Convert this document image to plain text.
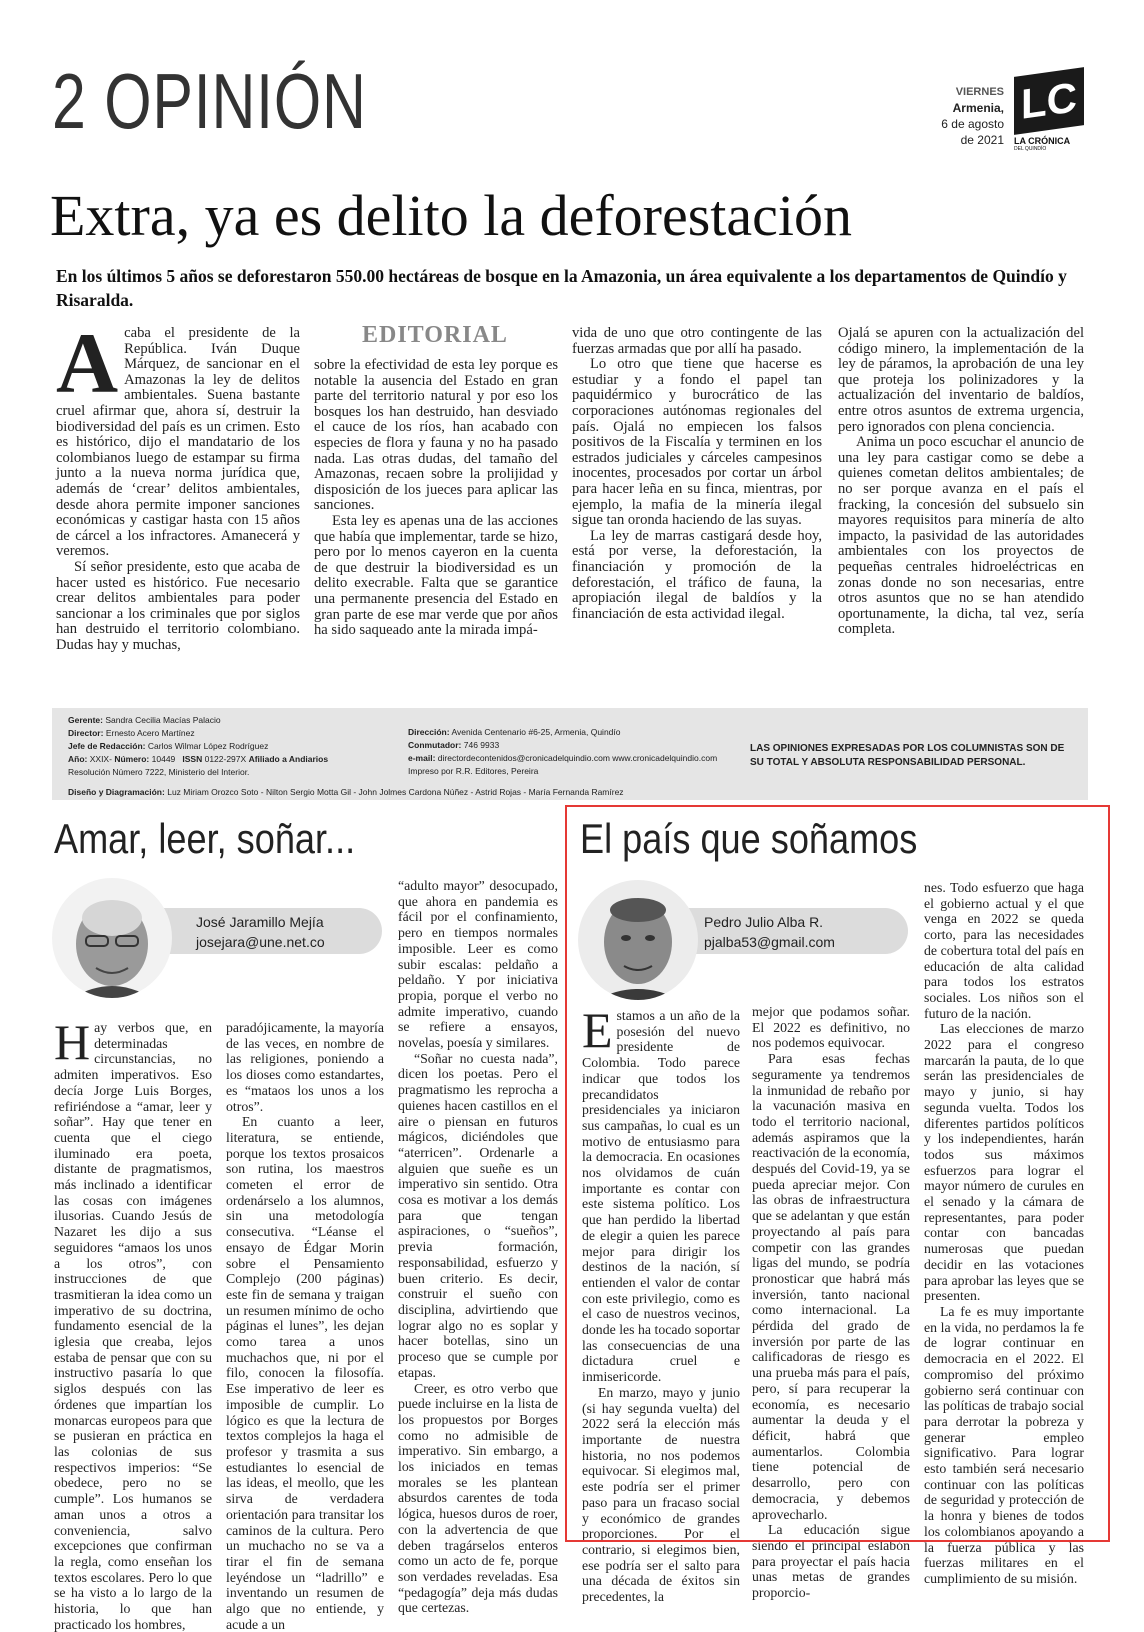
2 OPINIÓN	VIERNES
Armenia,
6 de agosto
de 2021
LC
LA CRÓNICA
DEL QUINDÍO
Extra, ya es delito la deforestación
En los últimos 5 años se deforestaron 550.00 hectáreas de bosque en la Amazonia, un área equivalente a los departamentos de Quindío y Risaralda.
EDITORIAL

Acaba el presidente de la República. Iván Duque Márquez, de sancionar en el Amazonas la ley de delitos ambientales. Suena bastante cruel afirmar que, ahora sí, destruir la biodiversidad del país es un crimen. Esto es histórico, dijo el mandatario de los colombianos luego de estampar su firma junto a la nueva norma jurídica que, además de ‘crear’ delitos ambientales, desde ahora permite imponer sanciones económicas y castigar hasta con 15 años de cárcel a los infractores. Amanecerá y veremos.

Sí señor presidente, esto que acaba de hacer usted es histórico. Fue necesario crear delitos ambientales para poder sancionar a los criminales que por siglos han destruido el territorio colombiano. Dudas hay y muchas,

sobre la efectividad de esta ley porque es notable la ausencia del Estado en gran parte del territorio natural y por eso los bosques los han destruido, han desviado el cauce de los ríos, han acabado con especies de flora y fauna y no ha pasado nada. Las otras dudas, del tamaño del Amazonas, recaen sobre la prolijidad y disposición de los jueces para aplicar las sanciones.

Esta ley es apenas una de las acciones que había que implementar, tarde se hizo, pero por lo menos cayeron en la cuenta de que destruir la biodiversidad es un delito execrable. Falta que se garantice una permanente presencia del Estado en gran parte de ese mar verde que por años ha sido saqueado ante la mirada impá-

vida de uno que otro contingente de las fuerzas armadas que por allí ha pasado.

Lo otro que tiene que hacerse es estudiar y a fondo el papel tan paquidérmico y burocrático de las corporaciones autónomas regionales del país. Ojalá no empiecen los falsos positivos de la Fiscalía y terminen en los estrados judiciales y cárceles campesinos inocentes, procesados por cortar un árbol para hacer leña en su finca, mientras, por ejemplo, la mafia de la minería ilegal sigue tan oronda haciendo de las suyas.

La ley de marras castigará desde hoy, está por verse, la deforestación, la financiación y promoción de la deforestación, el tráfico de fauna, la apropiación ilegal de baldíos y la financiación de esta actividad ilegal.

Ojalá se apuren con la actualización del código minero, la implementación de la ley de páramos, la aprobación de una ley que proteja los polinizadores y la actualización del inventario de baldíos, entre otros asuntos de extrema urgencia, pero ignorados con plena conciencia.

Anima un poco escuchar el anuncio de una ley para castigar como se debe a quienes cometan delitos ambientales; de no ser porque avanza en el país el fracking, la concesión del subsuelo sin mayores requisitos para minería de alto impacto, la pasividad de las autoridades ambientales con los proyectos de pequeñas centrales hidroeléctricas en zonas donde no son necesarias, entre otros asuntos que no se han atendido oportunamente, la dicha, tal vez, sería completa.

Gerente: Sandra Cecilia Macías Palacio
Director: Ernesto Acero Martínez
Jefe de Redacción: Carlos Wilmar López Rodríguez
Año: XXIX- Número: 10449 ISSN 0122-297X Afiliado a Andiarios
Resolución Número 7222, Ministerio del Interior.
Dirección: Avenida Centenario #6-25, Armenia, Quindío
Conmutador: 746 9933
e-mail: directordecontenidos@cronicadelquindio.com www.cronicadelquindio.com
Impreso por R.R. Editores, Pereira
LAS OPINIONES EXPRESADAS POR LOS COLUMNISTAS SON DE SU TOTAL Y ABSOLUTA RESPONSABILIDAD PERSONAL.
Diseño y Diagramación: Luz Miriam Orozco Soto - Nilton Sergio Motta Gil - John Jolmes Cardona Núñez - Astrid Rojas - María Fernanda Ramírez
Amar, leer, soñar...
José Jaramillo Mejía
josejara@une.net.co

Hay verbos que, en determinadas circunstancias, no admiten imperativos. Eso decía Jorge Luis Borges, refiriéndose a “amar, leer y soñar”. Hay que tener en cuenta que el ciego iluminado era poeta, distante de pragmatismos, más inclinado a identificar las cosas con imágenes ilusorias. Cuando Jesús de Nazaret les dijo a sus seguidores “amaos los unos a los otros”, con instrucciones de que trasmitieran la idea como un imperativo de su doctrina, fundamento esencial de la iglesia que creaba, lejos estaba de pensar que con su instructivo pasaría lo que siglos después con las órdenes que impartían los monarcas europeos para que se pusieran en práctica en las colonias de sus respectivos imperios: “Se obedece, pero no se cumple”. Los humanos se aman unos a otros a conveniencia, salvo excepciones que confirman la regla, como enseñan los textos escolares. Pero lo que se ha visto a lo largo de la historia, lo que han practicado los hombres,

paradójicamente, la mayoría de las veces, en nombre de las religiones, poniendo a los dioses como estandartes, es “mataos los unos a los otros”.

En cuanto a leer, literatura, se entiende, porque los textos prosaicos son rutina, los maestros cometen el error de ordenárselo a los alumnos, sin una metodología consecutiva. “Léanse el ensayo de Édgar Morin sobre el Pensamiento Complejo (200 páginas) este fin de semana y traigan un resumen mínimo de ocho páginas el lunes”, les dejan como tarea a unos muchachos que, ni por el filo, conocen la filosofía. Ese imperativo de leer es imposible de cumplir. Lo lógico es que la lectura de textos complejos la haga el profesor y trasmita a sus estudiantes lo esencial de las ideas, el meollo, que les sirva de verdadera orientación para transitar los caminos de la cultura. Pero un muchacho no se va a tirar el fin de semana leyéndose un “ladrillo” e inventando un resumen de algo que no entiende, y acude a un

“adulto mayor” desocupado, que ahora en pandemia es fácil por el confinamiento, pero en tiempos normales imposible. Leer es como subir escalas: peldaño a peldaño. Y por iniciativa propia, porque el verbo no admite imperativo, cuando se refiere a ensayos, novelas, poesía y similares.

“Soñar no cuesta nada”, dicen los poetas. Pero el pragmatismo les reprocha a quienes hacen castillos en el aire o piensan en futuros mágicos, diciéndoles que “aterricen”. Ordenarle a alguien que sueñe es un imperativo sin sentido. Otra cosa es motivar a los demás para que tengan aspiraciones, o “sueños”, previa formación, responsabilidad, esfuerzo y buen criterio. Es decir, construir el sueño con disciplina, advirtiendo que lograr algo no es soplar y hacer botellas, sino un proceso que se cumple por etapas.

Creer, es otro verbo que puede incluirse en la lista de los propuestos por Borges como no admisible de imperativo. Sin embargo, a los iniciados en temas morales se les plantean absurdos carentes de toda lógica, huesos duros de roer, con la advertencia de que deben tragárselos enteros como un acto de fe, porque son verdades reveladas. Esa “pedagogía” deja más dudas que certezas.

El país que soñamos
Pedro Julio Alba R.
pjalba53@gmail.com

Estamos a un año de la posesión del nuevo presidente de Colombia. Todo parece indicar que todos los precandidatos presidenciales ya iniciaron sus campañas, lo cual es un motivo de entusiasmo para la democracia. En ocasiones nos olvidamos de cuán importante es contar con este sistema político. Los que han perdido la libertad de elegir a quien les parece mejor para dirigir los destinos de la nación, sí entienden el valor de contar con este privilegio, como es el caso de nuestros vecinos, donde les ha tocado soportar las consecuencias de una dictadura cruel e inmisericorde.

En marzo, mayo y junio (si hay segunda vuelta) del 2022 será la elección más importante de nuestra historia, no nos podemos equivocar. Si elegimos mal, este podría ser el primer paso para un fracaso social y económico de grandes proporciones. Por el contrario, si elegimos bien, ese podría ser el salto para una década de éxitos sin precedentes, la

mejor que podamos soñar. El 2022 es definitivo, no nos podemos equivocar.

Para esas fechas seguramente ya tendremos la inmunidad de rebaño por la vacunación masiva en todo el territorio nacional, además aspiramos que la reactivación de la economía, después del Covid-19, ya se pueda apreciar mejor. Con las obras de infraestructura que se adelantan y que están proyectando al país para competir con las grandes ligas del mundo, se podría pronosticar que habrá más inversión, tanto nacional como internacional. La pérdida del grado de inversión por parte de las calificadoras de riesgo es una prueba más para el país, pero, sí para recuperar la economía, es necesario aumentar la deuda y el déficit, habrá que aumentarlos. Colombia tiene potencial de desarrollo, pero con democracia, y debemos aprovecharlo.

La educación sigue siendo el principal eslabón para proyectar el país hacia unas metas de grandes proporcio-

nes. Todo esfuerzo que haga el gobierno actual y el que venga en 2022 se queda corto, para las necesidades de cobertura total del país en educación de alta calidad para todos los estratos sociales. Los niños son el futuro de la nación.

Las elecciones de marzo 2022 para el congreso marcarán la pauta, de lo que serán las presidenciales de mayo y junio, si hay segunda vuelta. Todos los diferentes partidos políticos y los independientes, harán todos sus máximos esfuerzos para lograr el mayor número de curules en el senado y la cámara de representantes, para poder contar con bancadas numerosas que puedan decidir en las votaciones para aprobar las leyes que se presenten.

La fe es muy importante en la vida, no perdamos la fe de lograr continuar en democracia en el 2022. El compromiso del próximo gobierno será continuar con las políticas de trabajo social para derrotar la pobreza y generar empleo significativo. Para lograr esto también será necesario continuar con las políticas de seguridad y protección de la honra y bienes de todos los colombianos apoyando a la fuerza pública y las fuerzas militares en el cumplimiento de su misión.
